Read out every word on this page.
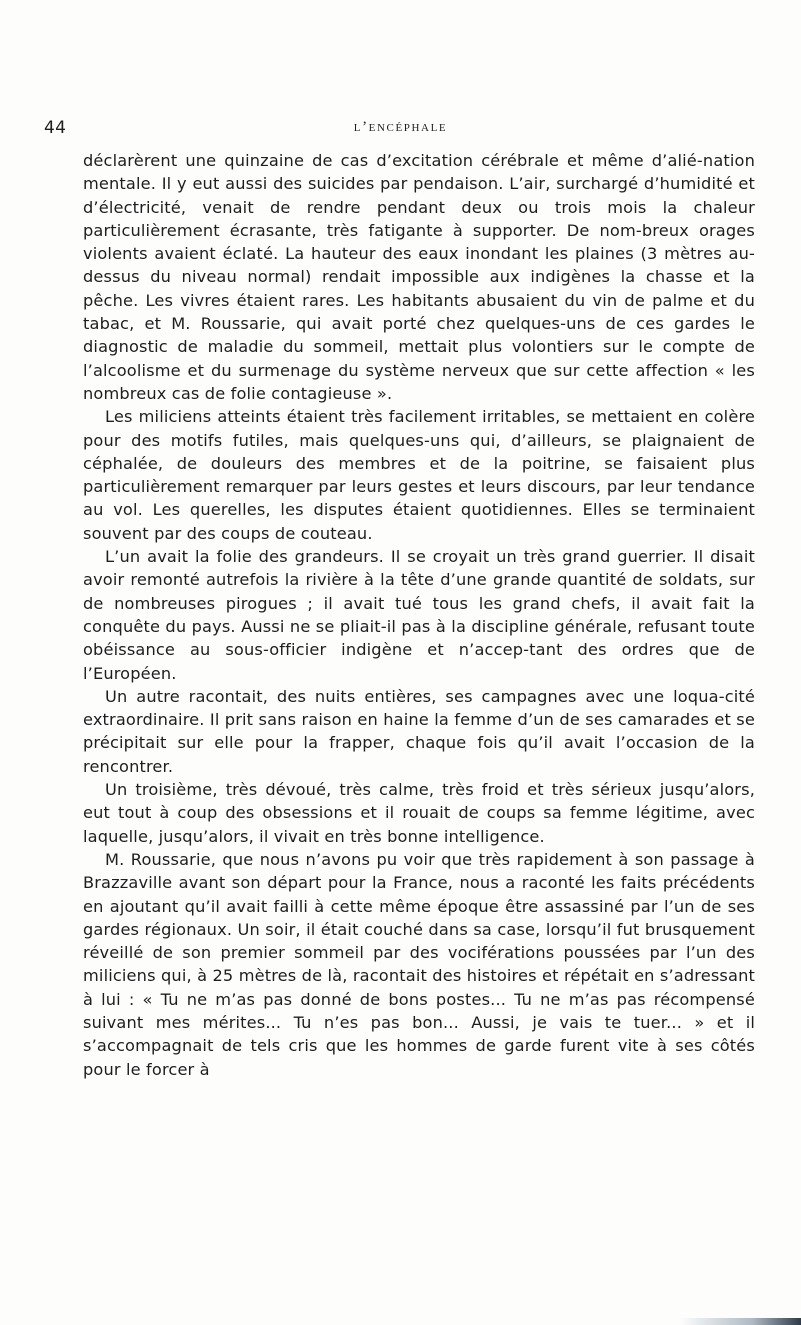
44	l’encéphale

déclarèrent une quinzaine de cas d’excitation cérébrale et même d’alié-nation mentale. Il y eut aussi des suicides par pendaison. L’air, surchargé d’humidité et d’électricité, venait de rendre pendant deux ou trois mois la chaleur particulièrement écrasante, très fatigante à supporter. De nom-breux orages violents avaient éclaté. La hauteur des eaux inondant les plaines (3 mètres au-dessus du niveau normal) rendait impossible aux indigènes la chasse et la pêche. Les vivres étaient rares. Les habitants abusaient du vin de palme et du tabac, et M. Roussarie, qui avait porté chez quelques-uns de ces gardes le diagnostic de maladie du sommeil, mettait plus volontiers sur le compte de l’alcoolisme et du surmenage du système nerveux que sur cette affection « les nombreux cas de folie contagieuse ».

Les miliciens atteints étaient très facilement irritables, se mettaient en colère pour des motifs futiles, mais quelques-uns qui, d’ailleurs, se plaignaient de céphalée, de douleurs des membres et de la poitrine, se faisaient plus particulièrement remarquer par leurs gestes et leurs discours, par leur tendance au vol. Les querelles, les disputes étaient quotidiennes. Elles se terminaient souvent par des coups de couteau.

L’un avait la folie des grandeurs. Il se croyait un très grand guerrier. Il disait avoir remonté autrefois la rivière à la tête d’une grande quantité de soldats, sur de nombreuses pirogues ; il avait tué tous les grand chefs, il avait fait la conquête du pays. Aussi ne se pliait-il pas à la discipline générale, refusant toute obéissance au sous-officier indigène et n’accep-tant des ordres que de l’Européen.

Un autre racontait, des nuits entières, ses campagnes avec une loqua-cité extraordinaire. Il prit sans raison en haine la femme d’un de ses camarades et se précipitait sur elle pour la frapper, chaque fois qu’il avait l’occasion de la rencontrer.

Un troisième, très dévoué, très calme, très froid et très sérieux jusqu’alors, eut tout à coup des obsessions et il rouait de coups sa femme légitime, avec laquelle, jusqu’alors, il vivait en très bonne intelligence.

M. Roussarie, que nous n’avons pu voir que très rapidement à son passage à Brazzaville avant son départ pour la France, nous a raconté les faits précédents en ajoutant qu’il avait failli à cette même époque être assassiné par l’un de ses gardes régionaux. Un soir, il était couché dans sa case, lorsqu’il fut brusquement réveillé de son premier sommeil par des vociférations poussées par l’un des miliciens qui, à 25 mètres de là, racontait des histoires et répétait en s’adressant à lui : « Tu ne m’as pas donné de bons postes... Tu ne m’as pas récompensé suivant mes mérites... Tu n’es pas bon... Aussi, je vais te tuer... » et il s’accompagnait de tels cris que les hommes de garde furent vite à ses côtés pour le forcer à
